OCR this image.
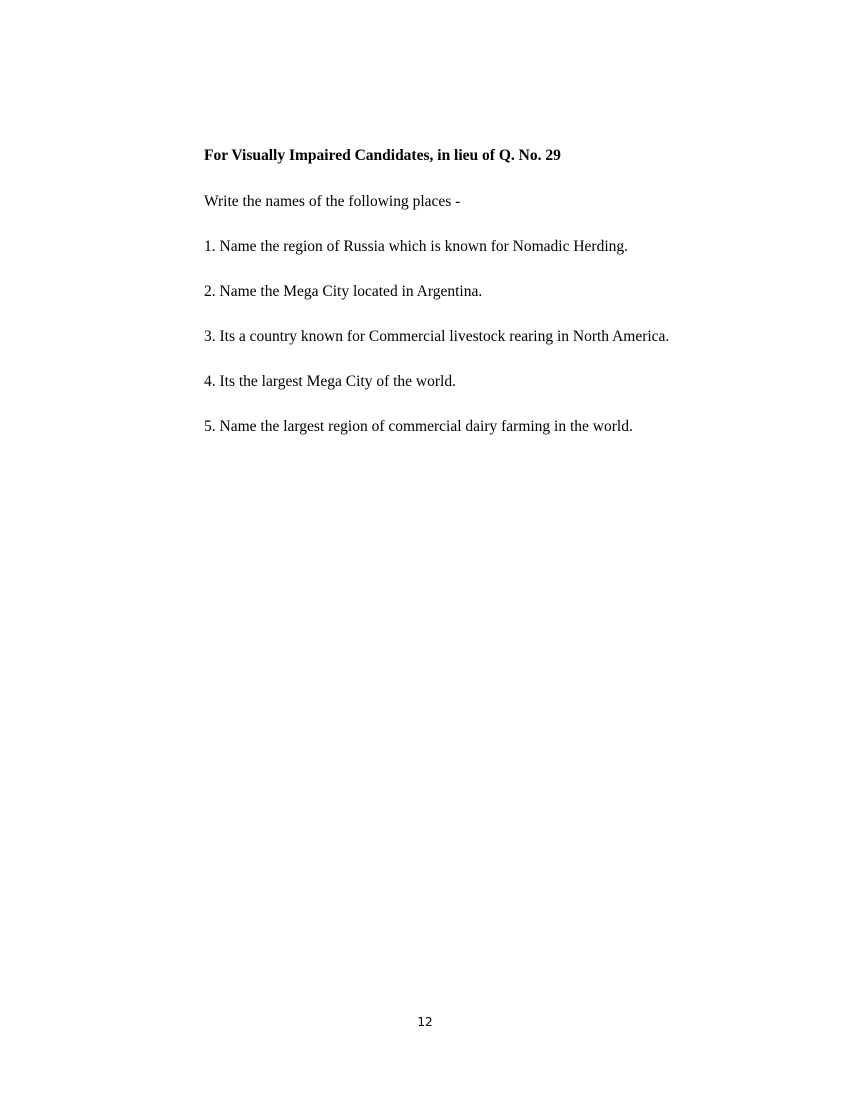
For Visually Impaired Candidates, in lieu of Q. No. 29

Write the names of the following places -

1. Name the region of Russia which is known for Nomadic Herding.
2. Name the Mega City located in Argentina.
3. Its a country known for Commercial livestock rearing in North America.
4. Its the largest Mega City of the world.
5. Name the largest region of commercial dairy farming in the world.
12
